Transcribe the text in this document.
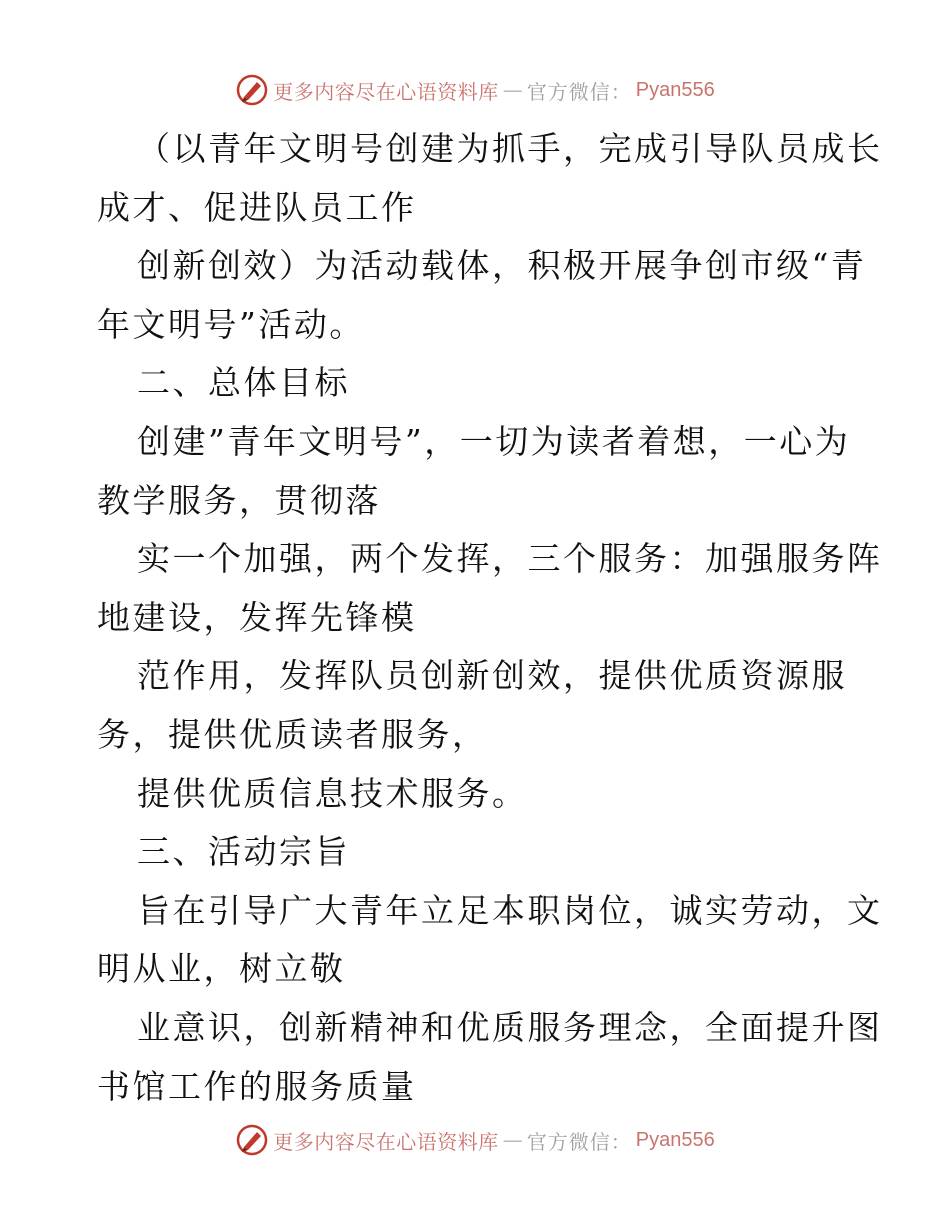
更多内容尽在心语资料库 — 官方微信： Pyan556
（以青年文明号创建为抓手，完成引导队员成长
成才、促进队员工作
创新创效）为活动载体，积极开展争创市级“青
年文明号”活动。
二、总体目标
创建”青年文明号”，一切为读者着想，一心为
教学服务，贯彻落
实一个加强，两个发挥，三个服务：加强服务阵
地建设，发挥先锋模
范作用，发挥队员创新创效，提供优质资源服
务，提供优质读者服务，
提供优质信息技术服务。
三、活动宗旨
旨在引导广大青年立足本职岗位，诚实劳动，文
明从业，树立敬
业意识，创新精神和优质服务理念，全面提升图
书馆工作的服务质量
更多内容尽在心语资料库 — 官方微信： Pyan556
